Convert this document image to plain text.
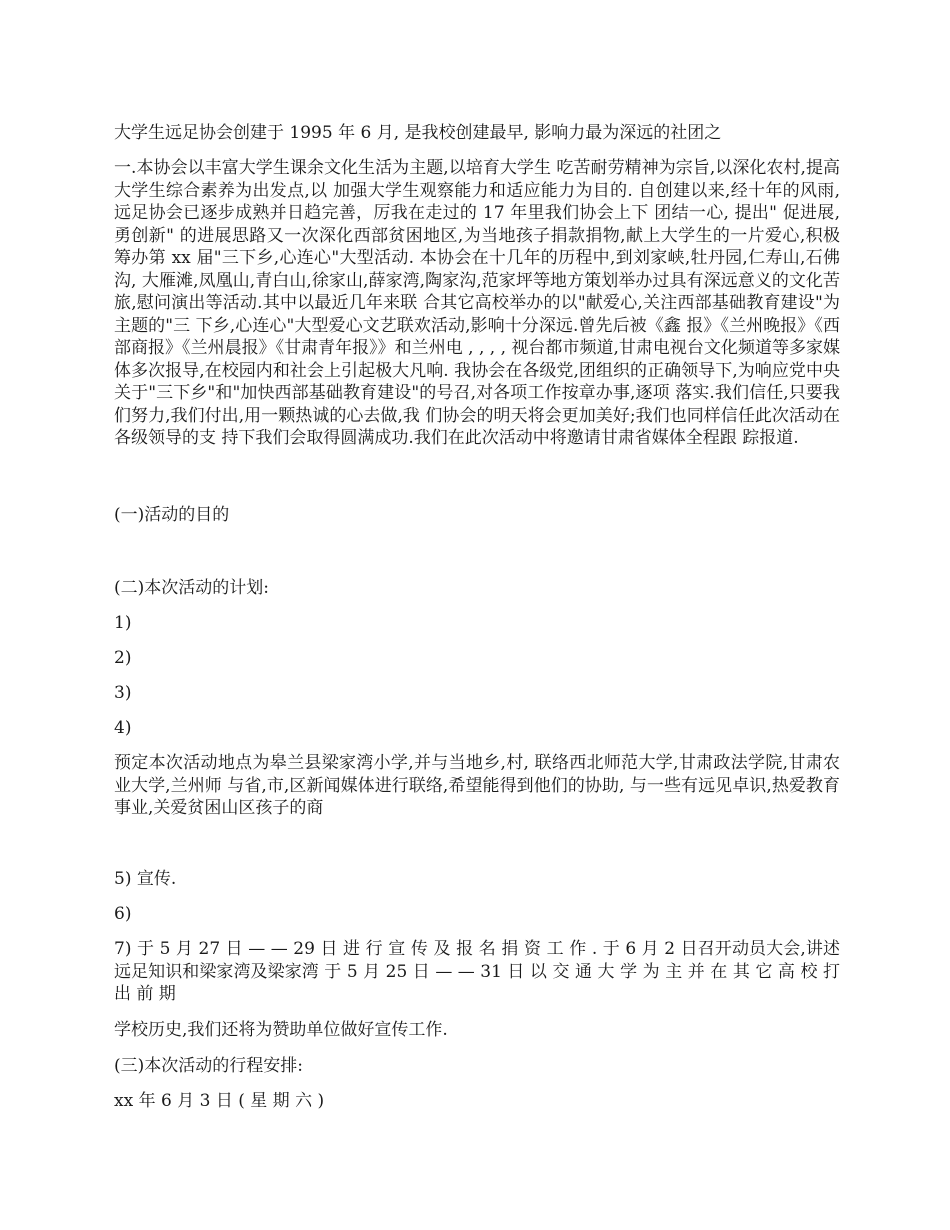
大学生远足协会创建于 1995 年 6 月, 是我校创建最早, 影响力最为深远的社团之

一.本协会以丰富大学生课余文化生活为主题,以培育大学生 吃苦耐劳精神为宗旨,以深化农村,提高大学生综合素养为出发点,以 加强大学生观察能力和适应能力为目的. 自创建以来,经十年的风雨, 远足协会已逐步成熟并日趋完善，厉我在走过的 17 年里我们协会上下 团结一心, 提出" 促进展, 勇创新" 的进展思路又一次深化西部贫困地区,为当地孩子捐款捐物,献上大学生的一片爱心,积极筹办第 xx 届"三下乡,心连心"大型活动. 本协会在十几年的历程中,到刘家峡,牡丹园,仁寿山,石佛沟, 大雁滩,凤凰山,青白山,徐家山,薛家湾,陶家沟,范家坪等地方策划举办过具有深远意义的文化苦旅,慰问演出等活动.其中以最近几年来联 合其它高校举办的以"献爱心,关注西部基础教育建设"为主题的"三 下乡,心连心"大型爱心文艺联欢活动,影响十分深远.曾先后被《鑫 报》《兰州晚报》《西部商报》《兰州晨报》《甘肃青年报》》和兰州电 , , , , 视台都市频道,甘肃电视台文化频道等多家媒体多次报导,在校园内和社会上引起极大凡响. 我协会在各级党,团组织的正确领导下,为响应党中央关于"三下乡"和"加快西部基础教育建设"的号召,对各项工作按章办事,逐项 落实.我们信任,只要我们努力,我们付出,用一颗热诚的心去做,我 们协会的明天将会更加美好;我们也同样信任此次活动在各级领导的支 持下我们会取得圆满成功.我们在此次活动中将邀请甘肃省媒体全程跟 踪报道.

(一)活动的目的

(二)本次活动的计划:

1)

2)

3)

4)

预定本次活动地点为皋兰县梁家湾小学,并与当地乡,村, 联络西北师范大学,甘肃政法学院,甘肃农业大学,兰州师 与省,市,区新闻媒体进行联络,希望能得到他们的协助, 与一些有远见卓识,热爱教育事业,关爱贫困山区孩子的商

5) 宣传.

6)

7) 于 5 月 27 日 — — 29 日 进 行 宣 传 及 报 名 捐 资 工 作 . 于 6 月 2 日召开动员大会,讲述远足知识和梁家湾及梁家湾 于 5 月 25 日 — — 31 日 以 交 通 大 学 为 主 并 在 其 它 高 校 打 出 前 期

学校历史,我们还将为赞助单位做好宣传工作.

(三)本次活动的行程安排:

xx 年 6 月 3 日 ( 星 期 六 )
